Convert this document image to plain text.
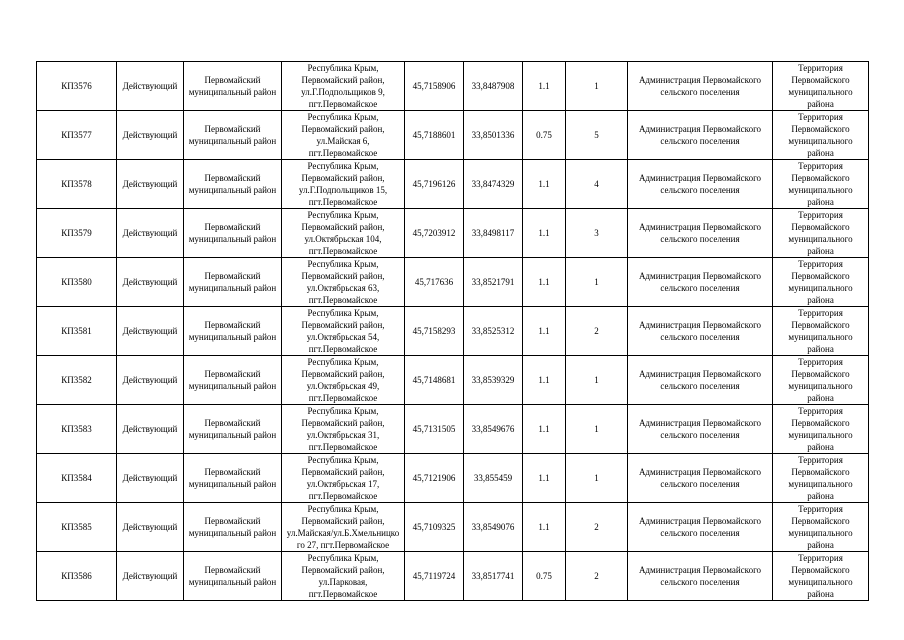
КП3576	Действующий	Первомайский муниципальный район	Республика Крым,
Первомайский район,
ул.Г.Подпольщиков 9,
пгт.Первомайское	45,7158906	33,8487908	1.1	1	Администрация Первомайского сельского поселения	Территория Первомайского муниципального района
КП3577	Действующий	Первомайский муниципальный район	Республика Крым,
Первомайский район,
ул.Майская 6,
пгт.Первомайское	45,7188601	33,8501336	0.75	5	Администрация Первомайского сельского поселения	Территория Первомайского муниципального района
КП3578	Действующий	Первомайский муниципальный район	Республика Крым,
Первомайский район,
ул.Г.Подпольщиков 15,
пгт.Первомайское	45,7196126	33,8474329	1.1	4	Администрация Первомайского сельского поселения	Территория Первомайского муниципального района
КП3579	Действующий	Первомайский муниципальный район	Республика Крым,
Первомайский район,
ул.Октябрьская 104,
пгт.Первомайское	45,7203912	33,8498117	1.1	3	Администрация Первомайского сельского поселения	Территория Первомайского муниципального района
КП3580	Действующий	Первомайский муниципальный район	Республика Крым,
Первомайский район,
ул.Октябрьская 63,
пгт.Первомайское	45,717636	33,8521791	1.1	1	Администрация Первомайского сельского поселения	Территория Первомайского муниципального района
КП3581	Действующий	Первомайский муниципальный район	Республика Крым,
Первомайский район,
ул.Октябрьская 54,
пгт.Первомайское	45,7158293	33,8525312	1.1	2	Администрация Первомайского сельского поселения	Территория Первомайского муниципального района
КП3582	Действующий	Первомайский муниципальный район	Республика Крым,
Первомайский район,
ул.Октябрьская 49,
пгт.Первомайское	45,7148681	33,8539329	1.1	1	Администрация Первомайского сельского поселения	Территория Первомайского муниципального района
КП3583	Действующий	Первомайский муниципальный район	Республика Крым,
Первомайский район,
ул.Октябрьская 31,
пгт.Первомайское	45,7131505	33,8549676	1.1	1	Администрация Первомайского сельского поселения	Территория Первомайского муниципального района
КП3584	Действующий	Первомайский муниципальный район	Республика Крым,
Первомайский район,
ул.Октябрьская 17,
пгт.Первомайское	45,7121906	33,855459	1.1	1	Администрация Первомайского сельского поселения	Территория Первомайского муниципального района
КП3585	Действующий	Первомайский муниципальный район	Республика Крым,
Первомайский район,
ул.Майская/ул.Б.Хмельницко
го 27, пгт.Первомайское	45,7109325	33,8549076	1.1	2	Администрация Первомайского сельского поселения	Территория Первомайского муниципального района
КП3586	Действующий	Первомайский муниципальный район	Республика Крым,
Первомайский район,
ул.Парковая,
пгт.Первомайское	45,7119724	33,8517741	0.75	2	Администрация Первомайского сельского поселения	Территория Первомайского муниципального района
